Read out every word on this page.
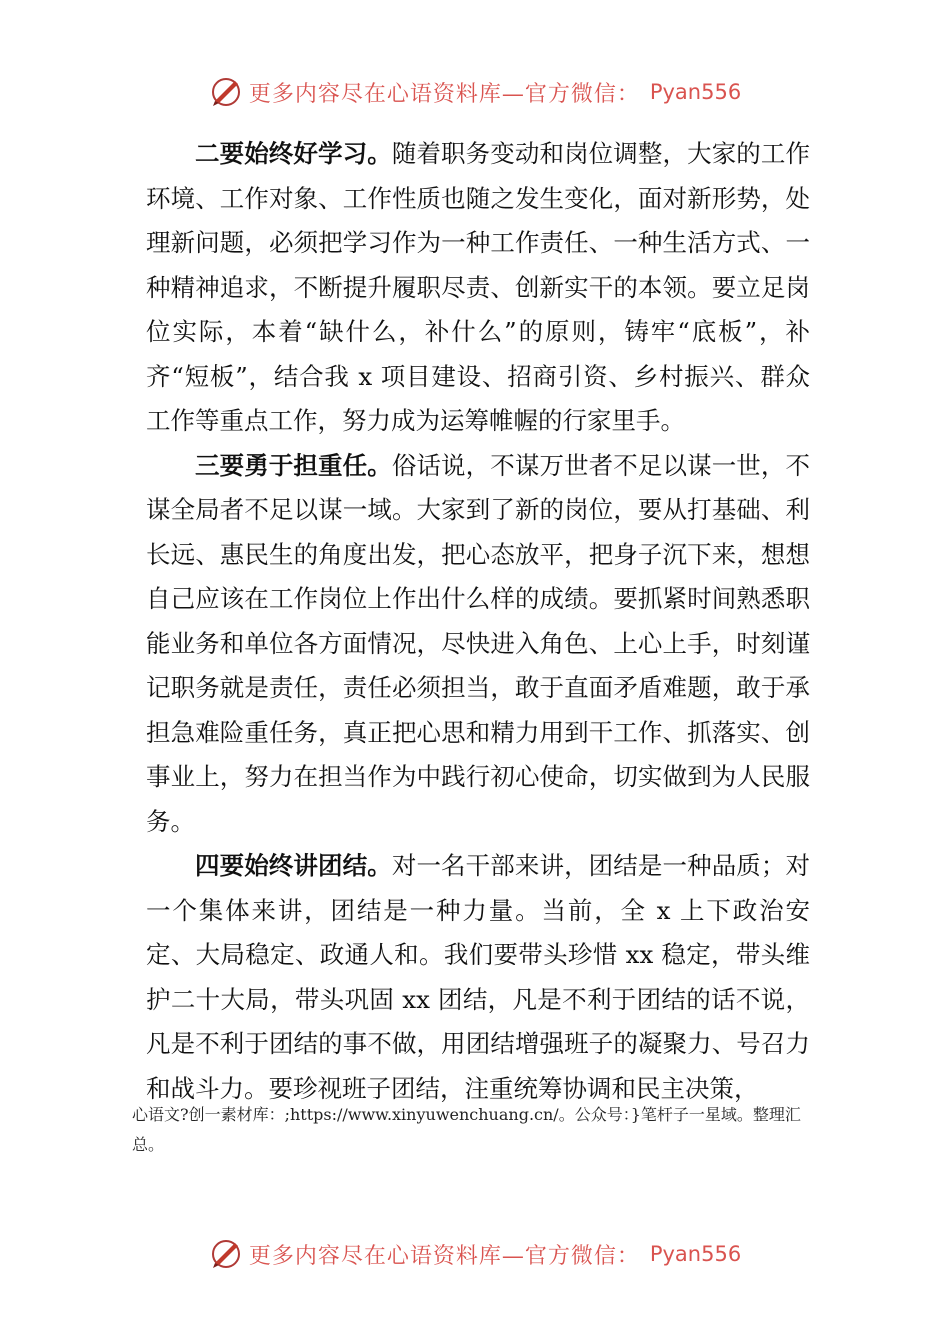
更多内容尽在心语资料库—官方微信： Pyan556

二要始终好学习。随着职务变动和岗位调整，大家的工作环境、工作对象、工作性质也随之发生变化，面对新形势，处理新问题，必须把学习作为一种工作责任、一种生活方式、一种精神追求，不断提升履职尽责、创新实干的本领。要立足岗位实际，本着“缺什么，补什么”的原则，铸牢“底板”，补齐“短板”，结合我 x 项目建设、招商引资、乡村振兴、群众工作等重点工作，努力成为运筹帷幄的行家里手。

三要勇于担重任。俗话说，不谋万世者不足以谋一世，不谋全局者不足以谋一域。大家到了新的岗位，要从打基础、利长远、惠民生的角度出发，把心态放平，把身子沉下来，想想自己应该在工作岗位上作出什么样的成绩。要抓紧时间熟悉职能业务和单位各方面情况，尽快进入角色、上心上手，时刻谨记职务就是责任，责任必须担当，敢于直面矛盾难题，敢于承担急难险重任务，真正把心思和精力用到干工作、抓落实、创事业上，努力在担当作为中践行初心使命，切实做到为人民服务。

四要始终讲团结。对一名干部来讲，团结是一种品质；对一个集体来讲，团结是一种力量。当前，全 x 上下政治安定、大局稳定、政通人和。我们要带头珍惜 xx 稳定，带头维护二十大局，带头巩固 xx 团结，凡是不利于团结的话不说，凡是不利于团结的事不做，用团结增强班子的凝聚力、号召力和战斗力。要珍视班子团结，注重统筹协调和民主决策，

心语文?创一素材库：;https://www.xinyuwenchuang.cn/。公众号：}笔杆子一星域。整理汇总。
更多内容尽在心语资料库—官方微信： Pyan556
